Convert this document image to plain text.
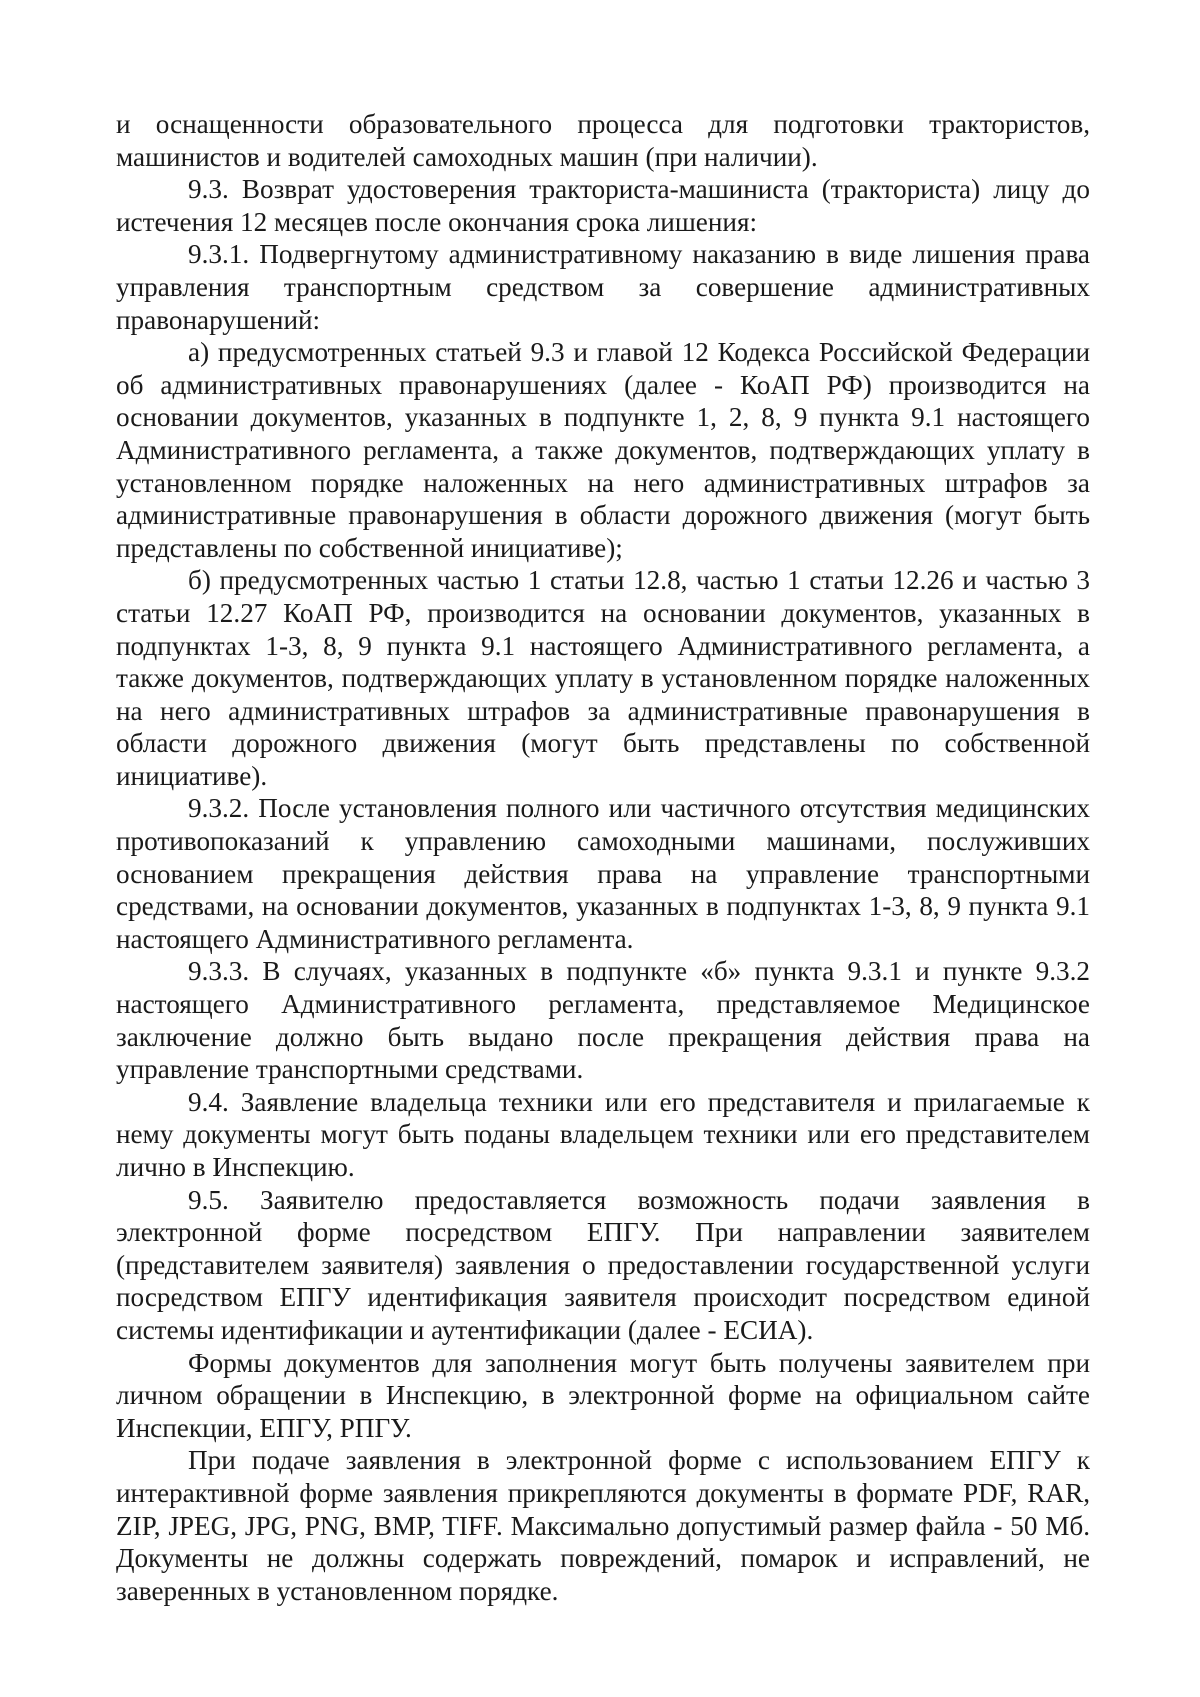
и оснащенности образовательного процесса для подготовки трактористов, машинистов и водителей самоходных машин (при наличии).

9.3. Возврат удостоверения тракториста-машиниста (тракториста) лицу до истечения 12 месяцев после окончания срока лишения:

9.3.1. Подвергнутому административному наказанию в виде лишения права управления транспортным средством за совершение административных правонарушений:

а) предусмотренных статьей 9.3 и главой 12 Кодекса Российской Федерации об административных правонарушениях (далее - КоАП РФ) производится на основании документов, указанных в подпункте 1, 2, 8, 9 пункта 9.1 настоящего Административного регламента, а также документов, подтверждающих уплату в установленном порядке наложенных на него административных штрафов за административные правонарушения в области дорожного движения (могут быть представлены по собственной инициативе);

б) предусмотренных частью 1 статьи 12.8, частью 1 статьи 12.26 и частью 3 статьи 12.27 КоАП РФ, производится на основании документов, указанных в подпунктах 1-3, 8, 9 пункта 9.1 настоящего Административного регламента, а также документов, подтверждающих уплату в установленном порядке наложенных на него административных штрафов за административные правонарушения в области дорожного движения (могут быть представлены по собственной инициативе).

9.3.2. После установления полного или частичного отсутствия медицинских противопоказаний к управлению самоходными машинами, послуживших основанием прекращения действия права на управление транспортными средствами, на основании документов, указанных в подпунктах 1-3, 8, 9 пункта 9.1 настоящего Административного регламента.

9.3.3. В случаях, указанных в подпункте «б» пункта 9.3.1 и пункте 9.3.2 настоящего Административного регламента, представляемое Медицинское заключение должно быть выдано после прекращения действия права на управление транспортными средствами.

9.4. Заявление владельца техники или его представителя и прилагаемые к нему документы могут быть поданы владельцем техники или его представителем лично в Инспекцию.

9.5. Заявителю предоставляется возможность подачи заявления в электронной форме посредством ЕПГУ. При направлении заявителем (представителем заявителя) заявления о предоставлении государственной услуги посредством ЕПГУ идентификация заявителя происходит посредством единой системы идентификации и аутентификации (далее - ЕСИА).

Формы документов для заполнения могут быть получены заявителем при личном обращении в Инспекцию, в электронной форме на официальном сайте Инспекции, ЕПГУ, РПГУ.

При подаче заявления в электронной форме с использованием ЕПГУ к интерактивной форме заявления прикрепляются документы в формате PDF, RAR, ZIP, JPEG, JPG, PNG, BMP, TIFF. Максимально допустимый размер файла - 50 Мб. Документы не должны содержать повреждений, помарок и исправлений, не заверенных в установленном порядке.
